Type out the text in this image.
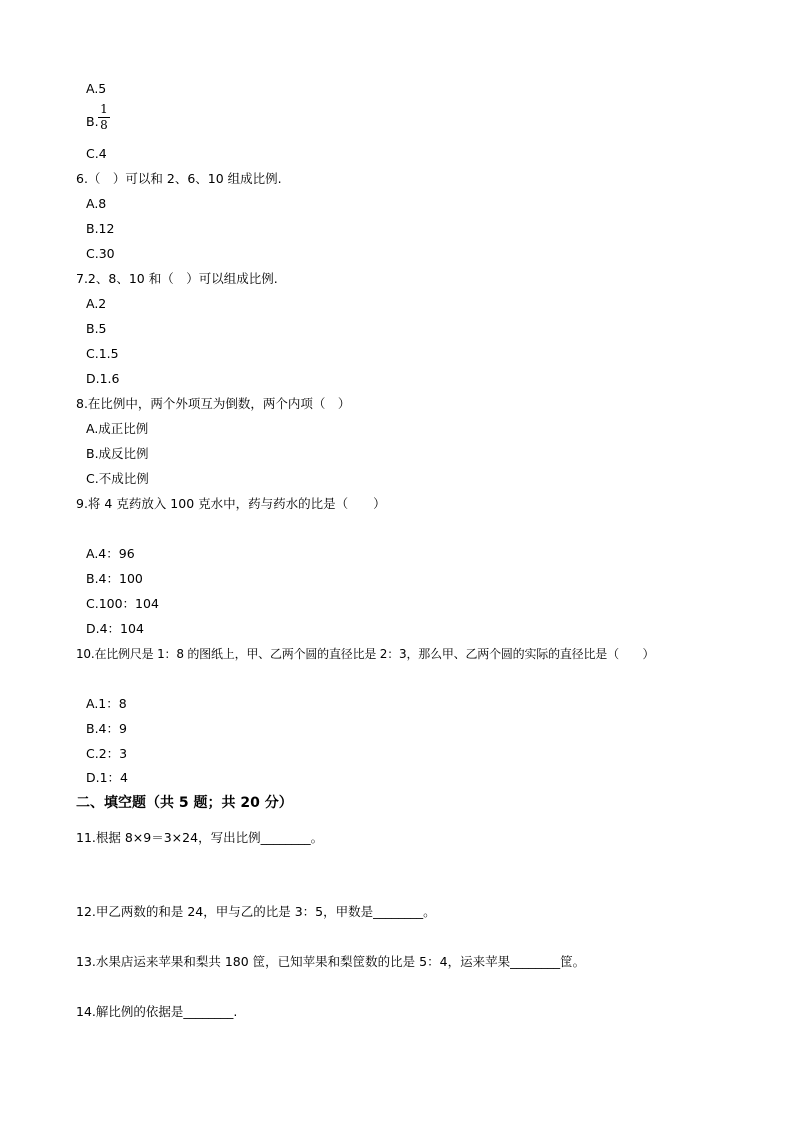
A.5
B.
1
8
C.4
6.（　）可以和 2、6、10 组成比例.
A.8
B.12
C.30
7.2、8、10 和（　）可以组成比例.
A.2
B.5
C.1.5
D.1.6
8.在比例中，两个外项互为倒数，两个内项（　）
A.成正比例
B.成反比例
C.不成比例
9.将 4 克药放入 100 克水中，药与药水的比是（　　）
A.4：96
B.4：100
C.100：104
D.4：104
10.在比例尺是 1：8 的图纸上，甲、乙两个圆的直径比是 2：3，那么甲、乙两个圆的实际的直径比是（　　）
A.1：8
B.4：9
C.2：3
D.1：4
二、填空题（共 5 题；共 20 分）
11.根据 8×9＝3×24，写出比例________。
12.甲乙两数的和是 24，甲与乙的比是 3：5，甲数是________。
13.水果店运来苹果和梨共 180 筐，已知苹果和梨筐数的比是 5：4，运来苹果________筐。
14.解比例的依据是________.
